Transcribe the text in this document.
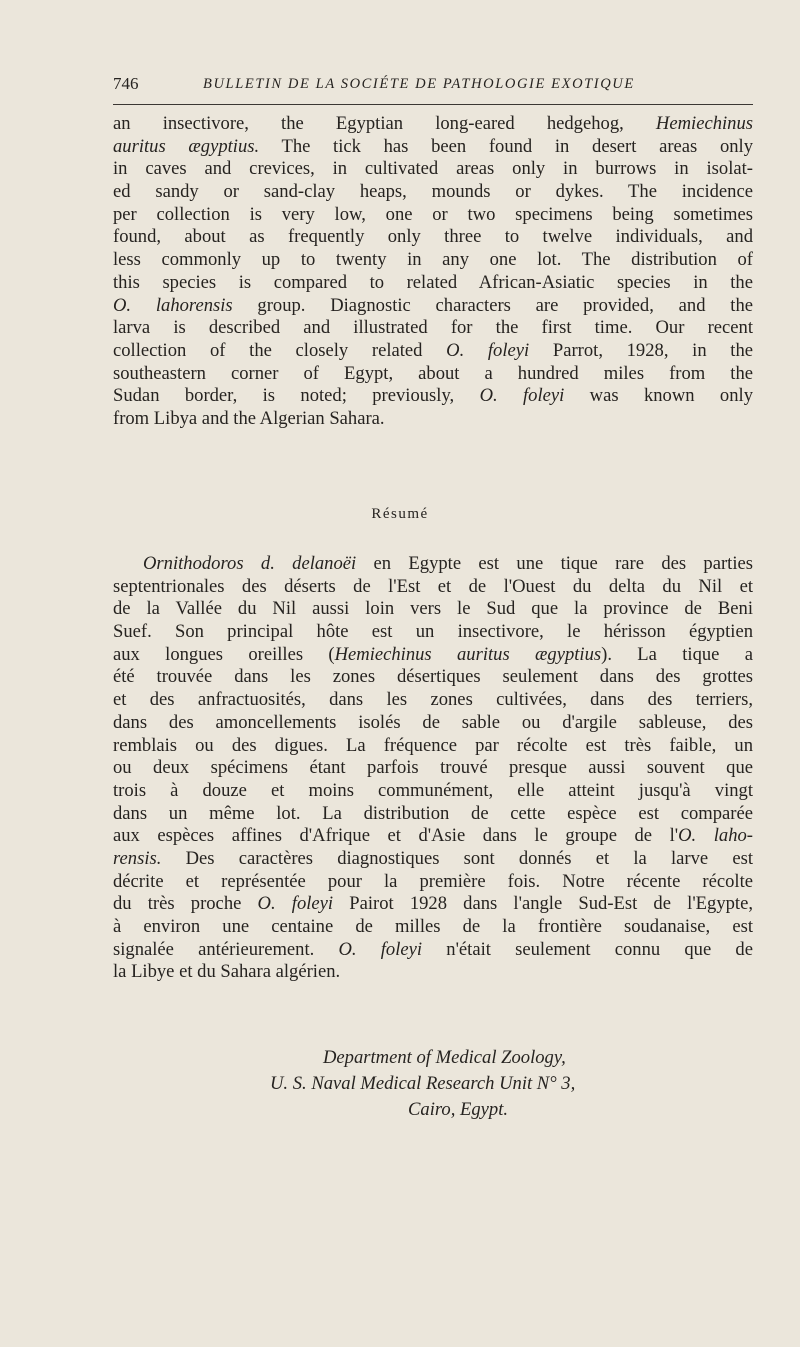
746	BULLETIN DE LA SOCIÉTE DE PATHOLOGIE EXOTIQUE
an insectivore, the Egyptian long-eared hedgehog, Hemiechinus
auritus ægyptius. The tick has been found in desert areas only
in caves and crevices, in cultivated areas only in burrows in isolat-
ed sandy or sand-clay heaps, mounds or dykes. The incidence
per collection is very low, one or two specimens being sometimes
found, about as frequently only three to twelve individuals, and
less commonly up to twenty in any one lot. The distribution of
this species is compared to related African-Asiatic species in the
O. lahorensis group. Diagnostic characters are provided, and the
larva is described and illustrated for the first time. Our recent
collection of the closely related O. foleyi Parrot, 1928, in the
southeastern corner of Egypt, about a hundred miles from the
Sudan border, is noted; previously, O. foleyi was known only
from Libya and the Algerian Sahara.
Résumé
Ornithodoros d. delanoëi en Egypte est une tique rare des parties
septentrionales des déserts de l'Est et de l'Ouest du delta du Nil et
de la Vallée du Nil aussi loin vers le Sud que la province de Beni
Suef. Son principal hôte est un insectivore, le hérisson égyptien
aux longues oreilles (Hemiechinus auritus ægyptius). La tique a
été trouvée dans les zones désertiques seulement dans des grottes
et des anfractuosités, dans les zones cultivées, dans des terriers,
dans des amoncellements isolés de sable ou d'argile sableuse, des
remblais ou des digues. La fréquence par récolte est très faible, un
ou deux spécimens étant parfois trouvé presque aussi souvent que
trois à douze et moins communément, elle atteint jusqu'à vingt
dans un même lot. La distribution de cette espèce est comparée
aux espèces affines d'Afrique et d'Asie dans le groupe de l'O. laho-
rensis. Des caractères diagnostiques sont donnés et la larve est
décrite et représentée pour la première fois. Notre récente récolte
du très proche O. foleyi Pairot 1928 dans l'angle Sud-Est de l'Egypte,
à environ une centaine de milles de la frontière soudanaise, est
signalée antérieurement. O. foleyi n'était seulement connu que de
la Libye et du Sahara algérien.
Department of Medical Zoology,
U. S. Naval Medical Research Unit N° 3,
Cairo, Egypt.
